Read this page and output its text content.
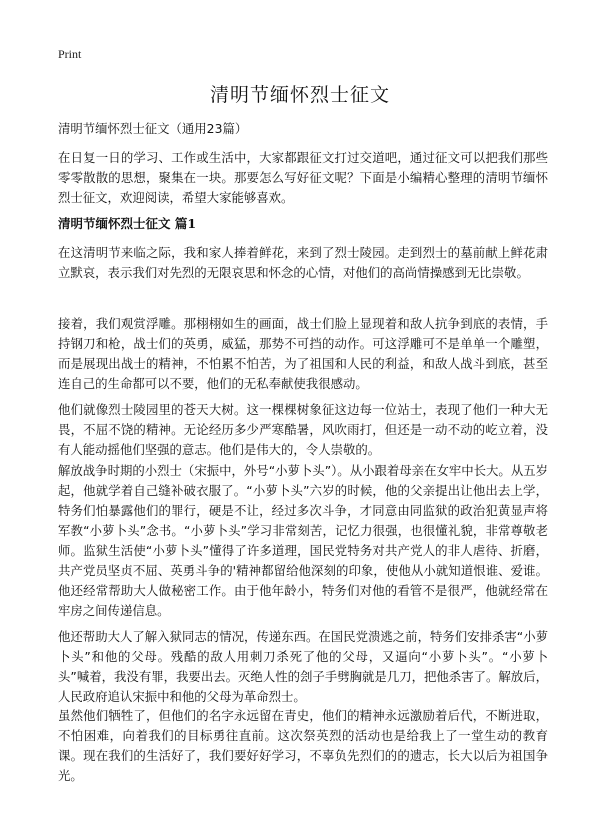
Print
清明节缅怀烈士征文

清明节缅怀烈士征文（通用23篇）

在日复一日的学习、工作或生活中，大家都跟征文打过交道吧，通过征文可以把我们那些零零散散的思想，聚集在一块。那要怎么写好征文呢？下面是小编精心整理的清明节缅怀烈士征文，欢迎阅读，希望大家能够喜欢。

清明节缅怀烈士征文 篇1

在这清明节来临之际，我和家人捧着鲜花，来到了烈士陵园。走到烈士的墓前献上鲜花肃立默哀，表示我们对先烈的无限哀思和怀念的心情，对他们的高尚情操感到无比崇敬。

接着，我们观赏浮雕。那栩栩如生的画面，战士们脸上显现着和敌人抗争到底的表情，手持钢刀和枪，战士们的英勇，威猛，那势不可挡的动作。可这浮雕可不是单单一个雕塑，而是展现出战士的精神，不怕累不怕苦，为了祖国和人民的利益，和敌人战斗到底，甚至连自己的生命都可以不要，他们的无私奉献使我很感动。

他们就像烈士陵园里的苍天大树。这一棵棵树象征这边每一位站士，表现了他们一种大无畏，不屈不饶的精神。无论经历多少严寒酷暑，风吹雨打，但还是一动不动的屹立着，没有人能动摇他们坚强的意志。他们是伟大的，令人崇敬的。

解放战争时期的小烈士（宋振中，外号“小萝卜头”）。从小跟着母亲在女牢中长大。从五岁起，他就学着自己缝补破衣服了。“小萝卜头”六岁的时候，他的父亲提出让他出去上学，特务们怕暴露他们的罪行，硬是不让，经过多次斗争，才同意由同监狱的政治犯黄显声将军教“小萝卜头”念书。“小萝卜头”学习非常刻苦，记忆力很强，也很懂礼貌，非常尊敬老师。监狱生活使“小萝卜头”懂得了许多道理，国民党特务对共产党人的非人虐待、折磨，共产党员坚贞不屈、英勇斗争的'精神都留给他深刻的印象，使他从小就知道恨谁、爱谁。他还经常帮助大人做秘密工作。由于他年龄小，特务们对他的看管不是很严，他就经常在牢房之间传递信息。

他还帮助大人了解入狱同志的情况，传递东西。在国民党溃逃之前，特务们安排杀害“小萝卜头”和他的父母。残酷的敌人用刺刀杀死了他的父母，又逼向“小萝卜头”。“小萝卜头”喊着，我没有罪，我要出去。灭绝人性的刽子手劈胸就是几刀，把他杀害了。解放后，人民政府追认宋振中和他的父母为革命烈士。

虽然他们牺牲了，但他们的名字永远留在青史，他们的精神永远激励着后代，不断进取，不怕困难，向着我们的目标勇往直前。这次祭英烈的活动也是给我上了一堂生动的教育课。现在我们的生活好了，我们要好好学习，不辜负先烈们的的遗志，长大以后为祖国争光。
